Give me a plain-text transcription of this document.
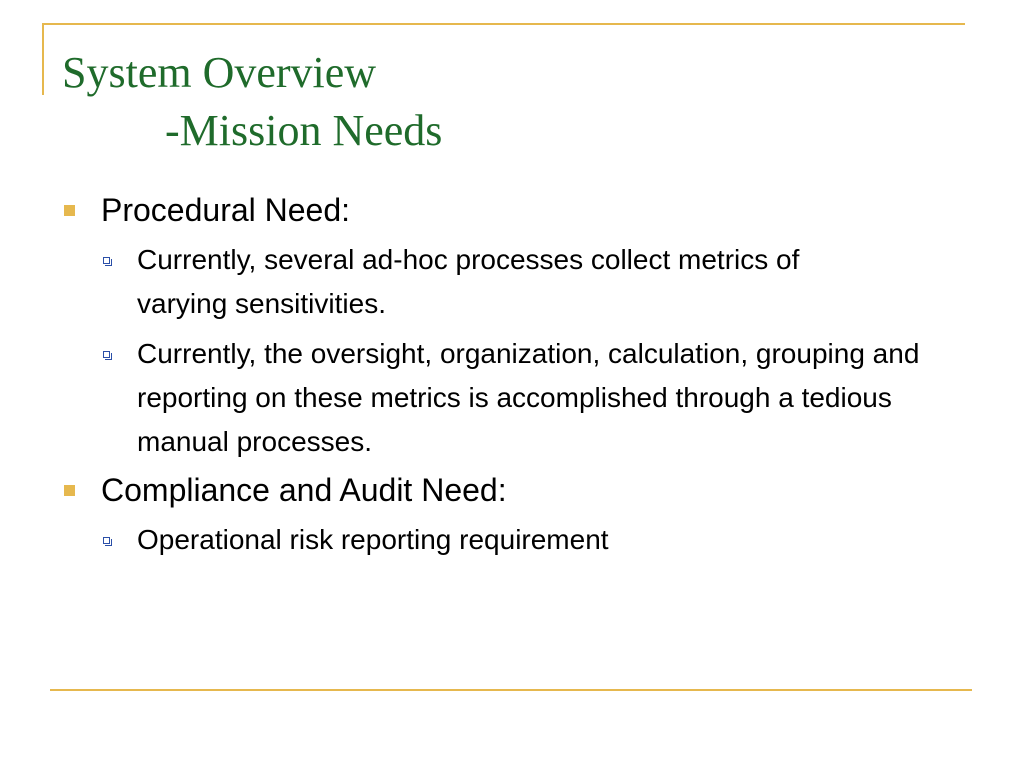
System Overview
-Mission Needs
Procedural Need:
Currently, several ad-hoc processes collect metrics of varying sensitivities.
Currently, the oversight, organization, calculation, grouping and reporting on these metrics is accomplished through a tedious manual processes.
Compliance and Audit Need:
Operational risk reporting requirement
